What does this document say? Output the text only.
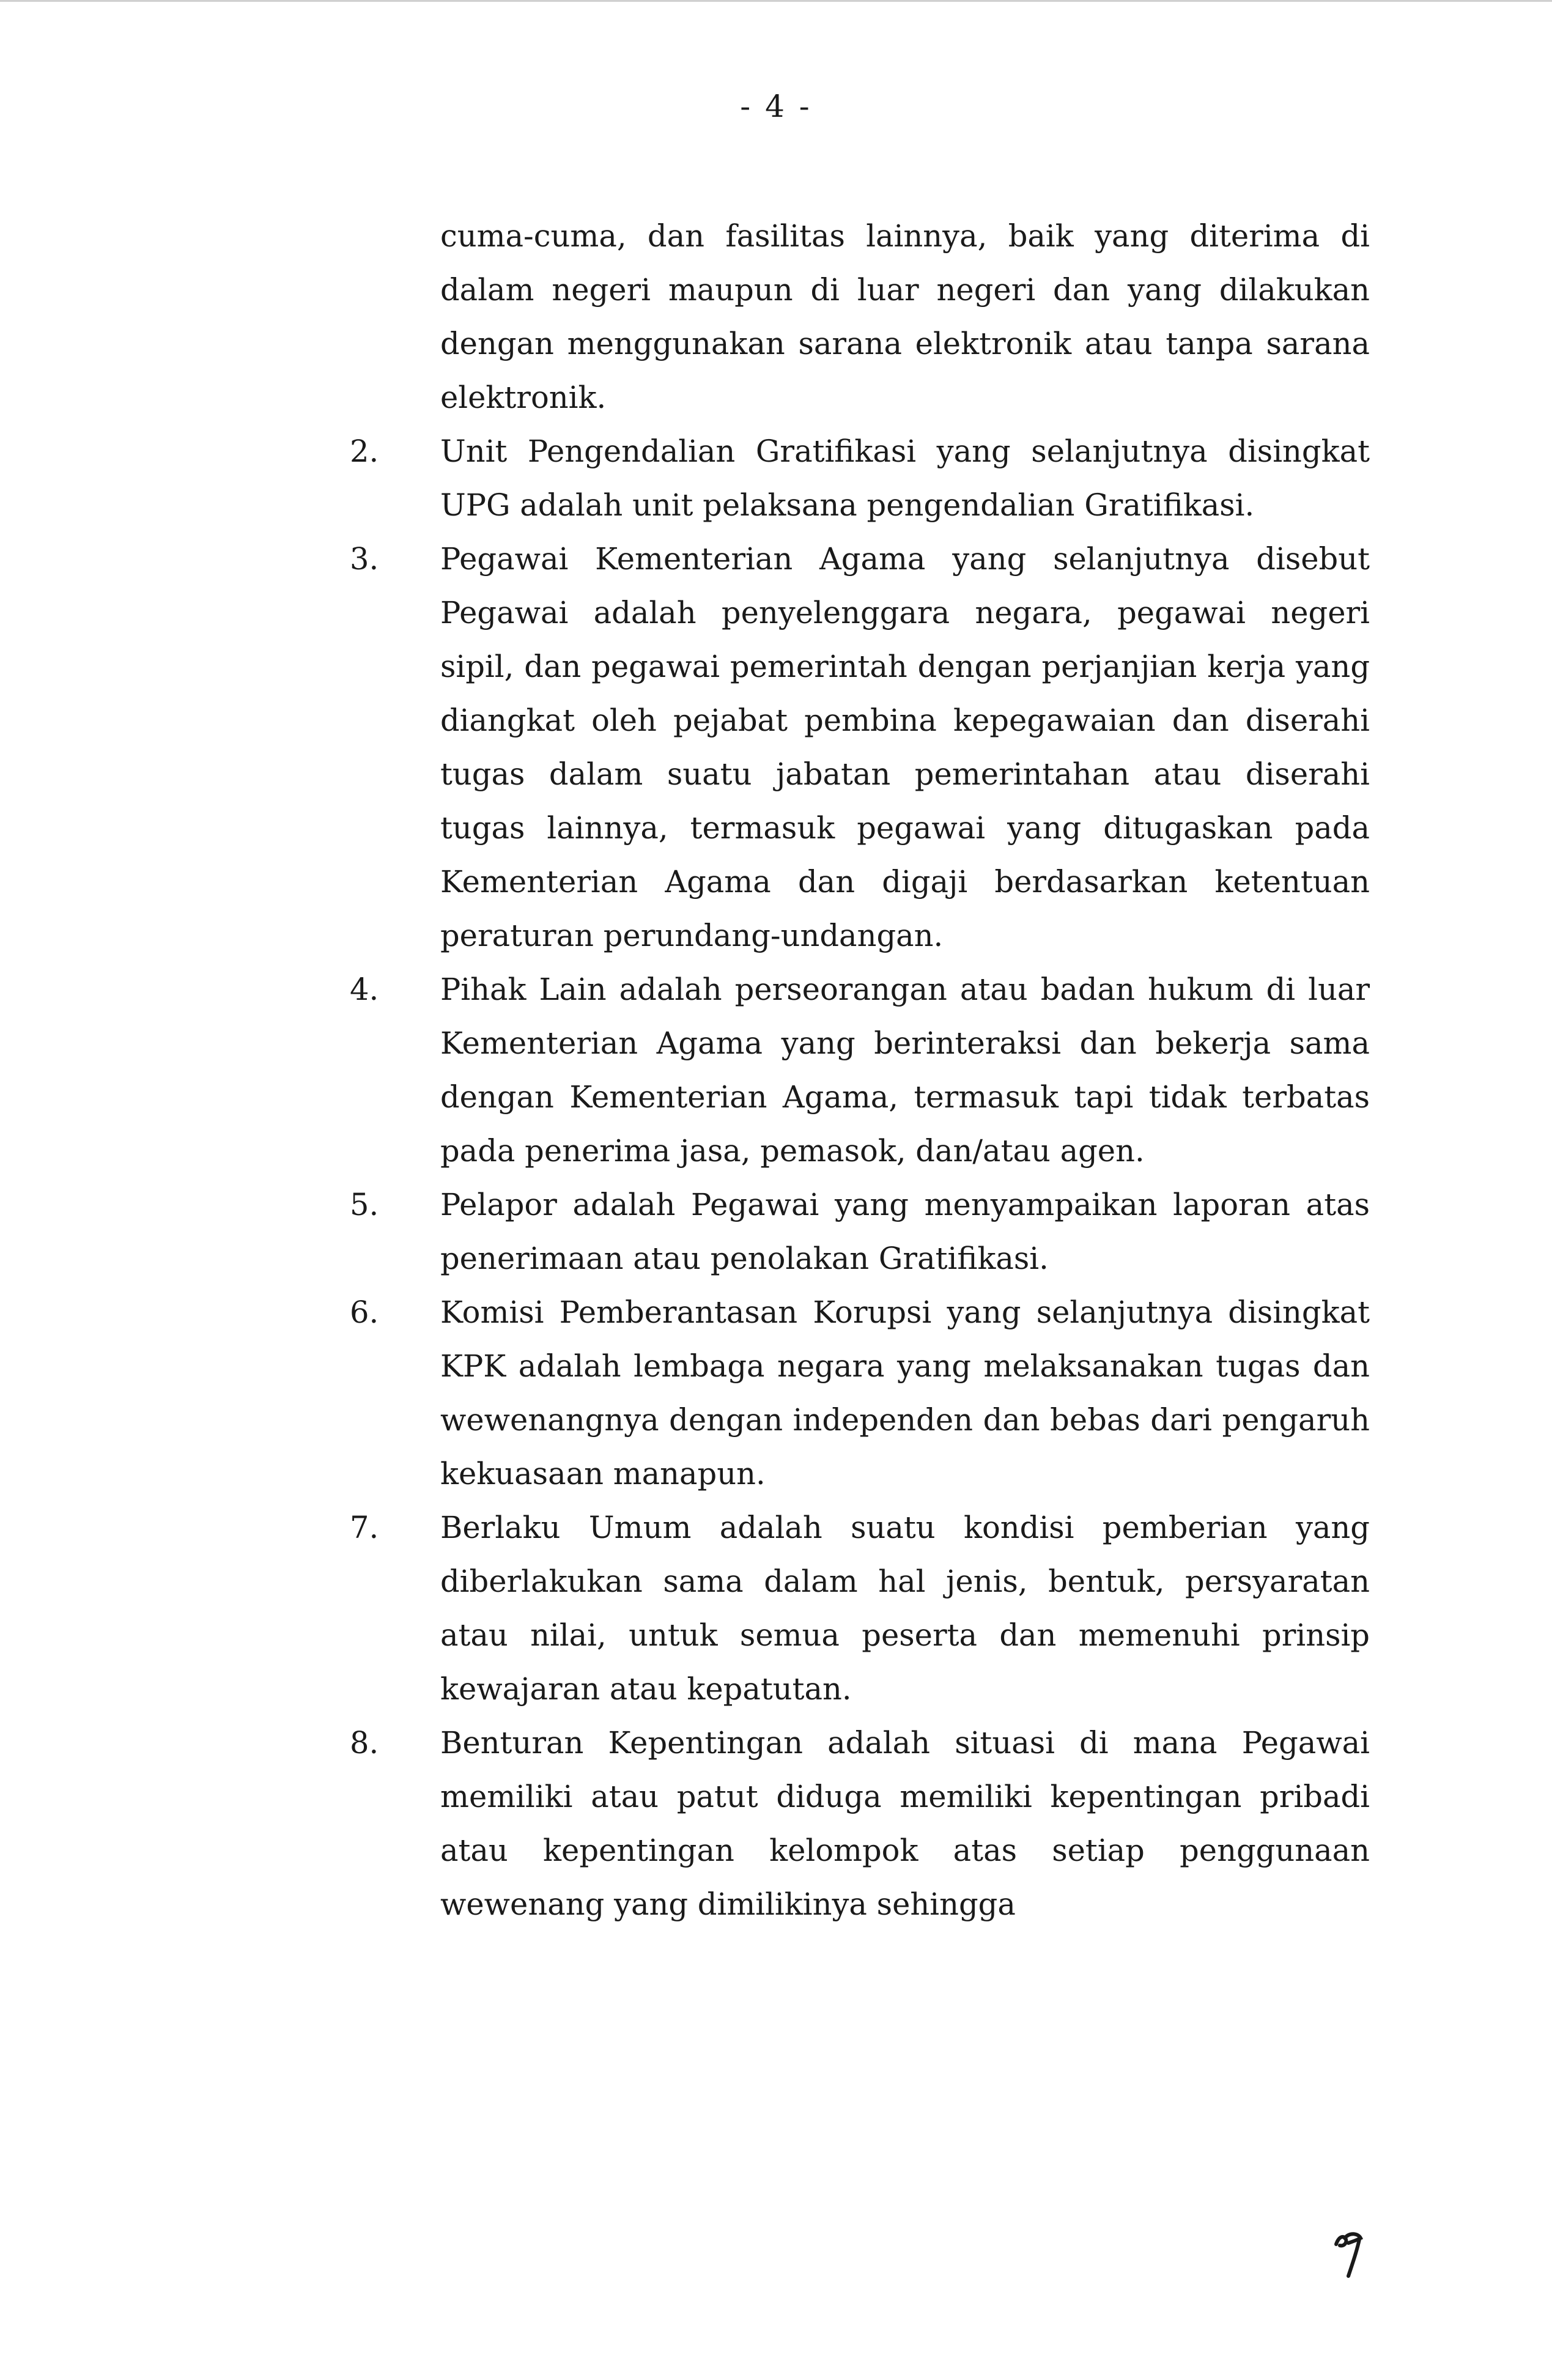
- 4 -
cuma-cuma, dan fasilitas lainnya, baik yang diterima di dalam negeri maupun di luar negeri dan yang dilakukan dengan menggunakan sarana elektronik atau tanpa sarana elektronik.
2.	Unit Pengendalian Gratifikasi yang selanjutnya disingkat UPG adalah unit pelaksana pengendalian Gratifikasi.
3.	Pegawai Kementerian Agama yang selanjutnya disebut Pegawai adalah penyelenggara negara, pegawai negeri sipil, dan pegawai pemerintah dengan perjanjian kerja yang diangkat oleh pejabat pembina kepegawaian dan diserahi tugas dalam suatu jabatan pemerintahan atau diserahi tugas lainnya, termasuk pegawai yang ditugaskan pada Kementerian Agama dan digaji berdasarkan ketentuan peraturan perundang-undangan.
4.	Pihak Lain adalah perseorangan atau badan hukum di luar Kementerian Agama yang berinteraksi dan bekerja sama dengan Kementerian Agama, termasuk tapi tidak terbatas pada penerima jasa, pemasok, dan/atau agen.
5.	Pelapor adalah Pegawai yang menyampaikan laporan atas penerimaan atau penolakan Gratifikasi.
6.	Komisi Pemberantasan Korupsi yang selanjutnya disingkat KPK adalah lembaga negara yang melaksanakan tugas dan wewenangnya dengan independen dan bebas dari pengaruh kekuasaan manapun.
7.	Berlaku Umum adalah suatu kondisi pemberian yang diberlakukan sama dalam hal jenis, bentuk, persyaratan atau nilai, untuk semua peserta dan memenuhi prinsip kewajaran atau kepatutan.
8.	Benturan Kepentingan adalah situasi di mana Pegawai memiliki atau patut diduga memiliki kepentingan pribadi atau kepentingan kelompok atas setiap penggunaan wewenang yang dimilikinya sehingga
